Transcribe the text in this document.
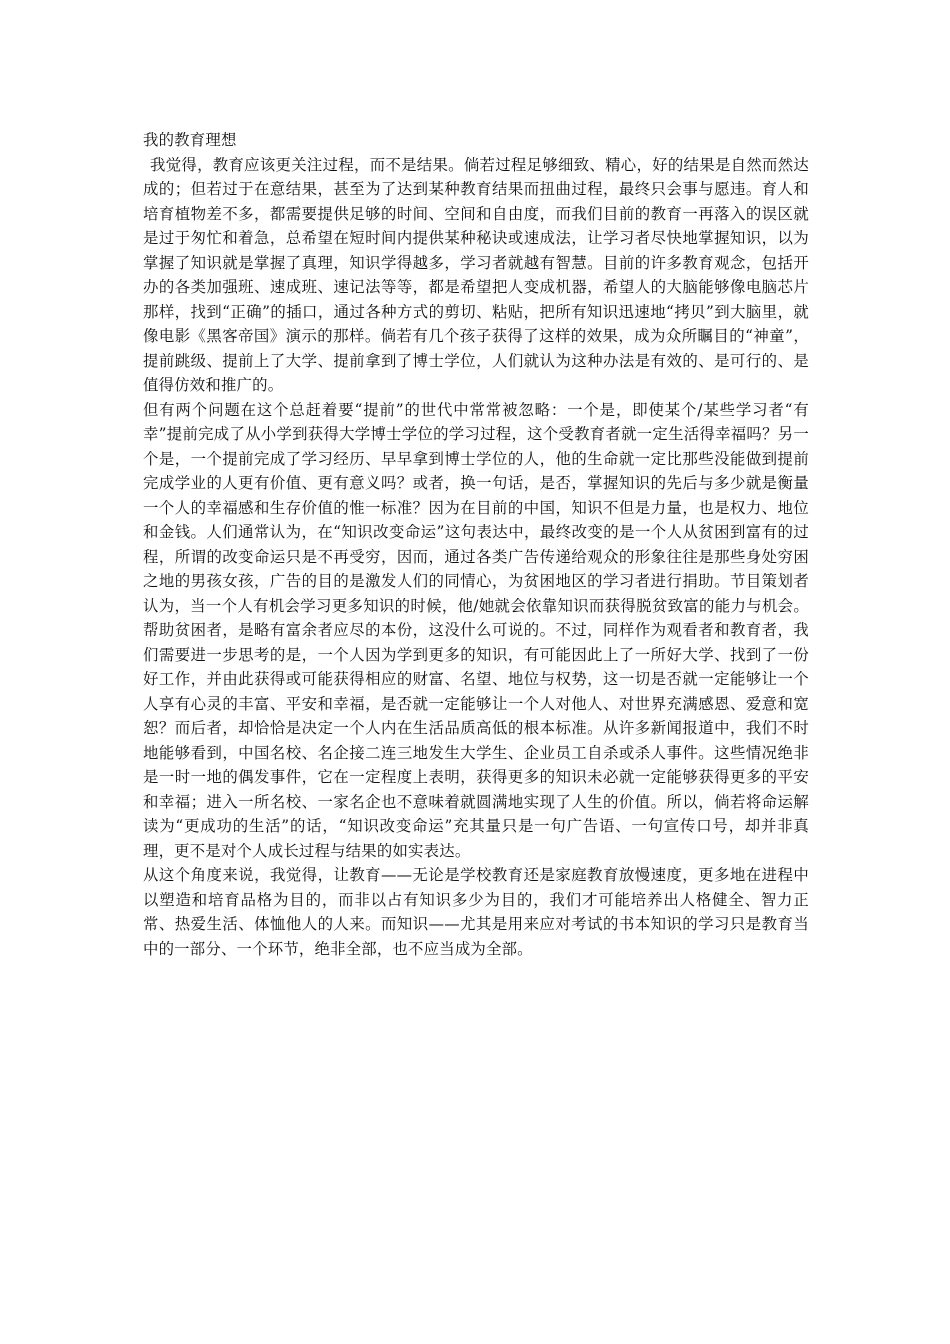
我的教育理想

我觉得，教育应该更关注过程，而不是结果。倘若过程足够细致、精心，好的结果是自然而然达成的；但若过于在意结果，甚至为了达到某种教育结果而扭曲过程，最终只会事与愿违。育人和培育植物差不多，都需要提供足够的时间、空间和自由度，而我们目前的教育一再落入的误区就是过于匆忙和着急，总希望在短时间内提供某种秘诀或速成法，让学习者尽快地掌握知识，以为掌握了知识就是掌握了真理，知识学得越多，学习者就越有智慧。目前的许多教育观念，包括开办的各类加强班、速成班、速记法等等，都是希望把人变成机器，希望人的大脑能够像电脑芯片那样，找到“正确”的插口，通过各种方式的剪切、粘贴，把所有知识迅速地“拷贝”到大脑里，就像电影《黑客帝国》演示的那样。倘若有几个孩子获得了这样的效果，成为众所瞩目的“神童”，提前跳级、提前上了大学、提前拿到了博士学位，人们就认为这种办法是有效的、是可行的、是值得仿效和推广的。

但有两个问题在这个总赶着要“提前”的世代中常常被忽略：一个是，即使某个/某些学习者“有幸”提前完成了从小学到获得大学博士学位的学习过程，这个受教育者就一定生活得幸福吗？另一个是，一个提前完成了学习经历、早早拿到博士学位的人，他的生命就一定比那些没能做到提前完成学业的人更有价值、更有意义吗？或者，换一句话，是否，掌握知识的先后与多少就是衡量一个人的幸福感和生存价值的惟一标准？因为在目前的中国，知识不但是力量，也是权力、地位和金钱。人们通常认为，在“知识改变命运”这句表达中，最终改变的是一个人从贫困到富有的过程，所谓的改变命运只是不再受穷，因而，通过各类广告传递给观众的形象往往是那些身处穷困之地的男孩女孩，广告的目的是激发人们的同情心，为贫困地区的学习者进行捐助。节目策划者认为，当一个人有机会学习更多知识的时候，他/她就会依靠知识而获得脱贫致富的能力与机会。帮助贫困者，是略有富余者应尽的本份，这没什么可说的。不过，同样作为观看者和教育者，我们需要进一步思考的是，一个人因为学到更多的知识，有可能因此上了一所好大学、找到了一份好工作，并由此获得或可能获得相应的财富、名望、地位与权势，这一切是否就一定能够让一个人享有心灵的丰富、平安和幸福，是否就一定能够让一个人对他人、对世界充满感恩、爱意和宽恕？而后者，却恰恰是决定一个人内在生活品质高低的根本标准。从许多新闻报道中，我们不时地能够看到，中国名校、名企接二连三地发生大学生、企业员工自杀或杀人事件。这些情况绝非是一时一地的偶发事件，它在一定程度上表明，获得更多的知识未必就一定能够获得更多的平安和幸福；进入一所名校、一家名企也不意味着就圆满地实现了人生的价值。所以，倘若将命运解读为“更成功的生活”的话，“知识改变命运”充其量只是一句广告语、一句宣传口号，却并非真理，更不是对个人成长过程与结果的如实表达。

从这个角度来说，我觉得，让教育——无论是学校教育还是家庭教育放慢速度，更多地在进程中以塑造和培育品格为目的，而非以占有知识多少为目的，我们才可能培养出人格健全、智力正常、热爱生活、体恤他人的人来。而知识——尤其是用来应对考试的书本知识的学习只是教育当中的一部分、一个环节，绝非全部，也不应当成为全部。
